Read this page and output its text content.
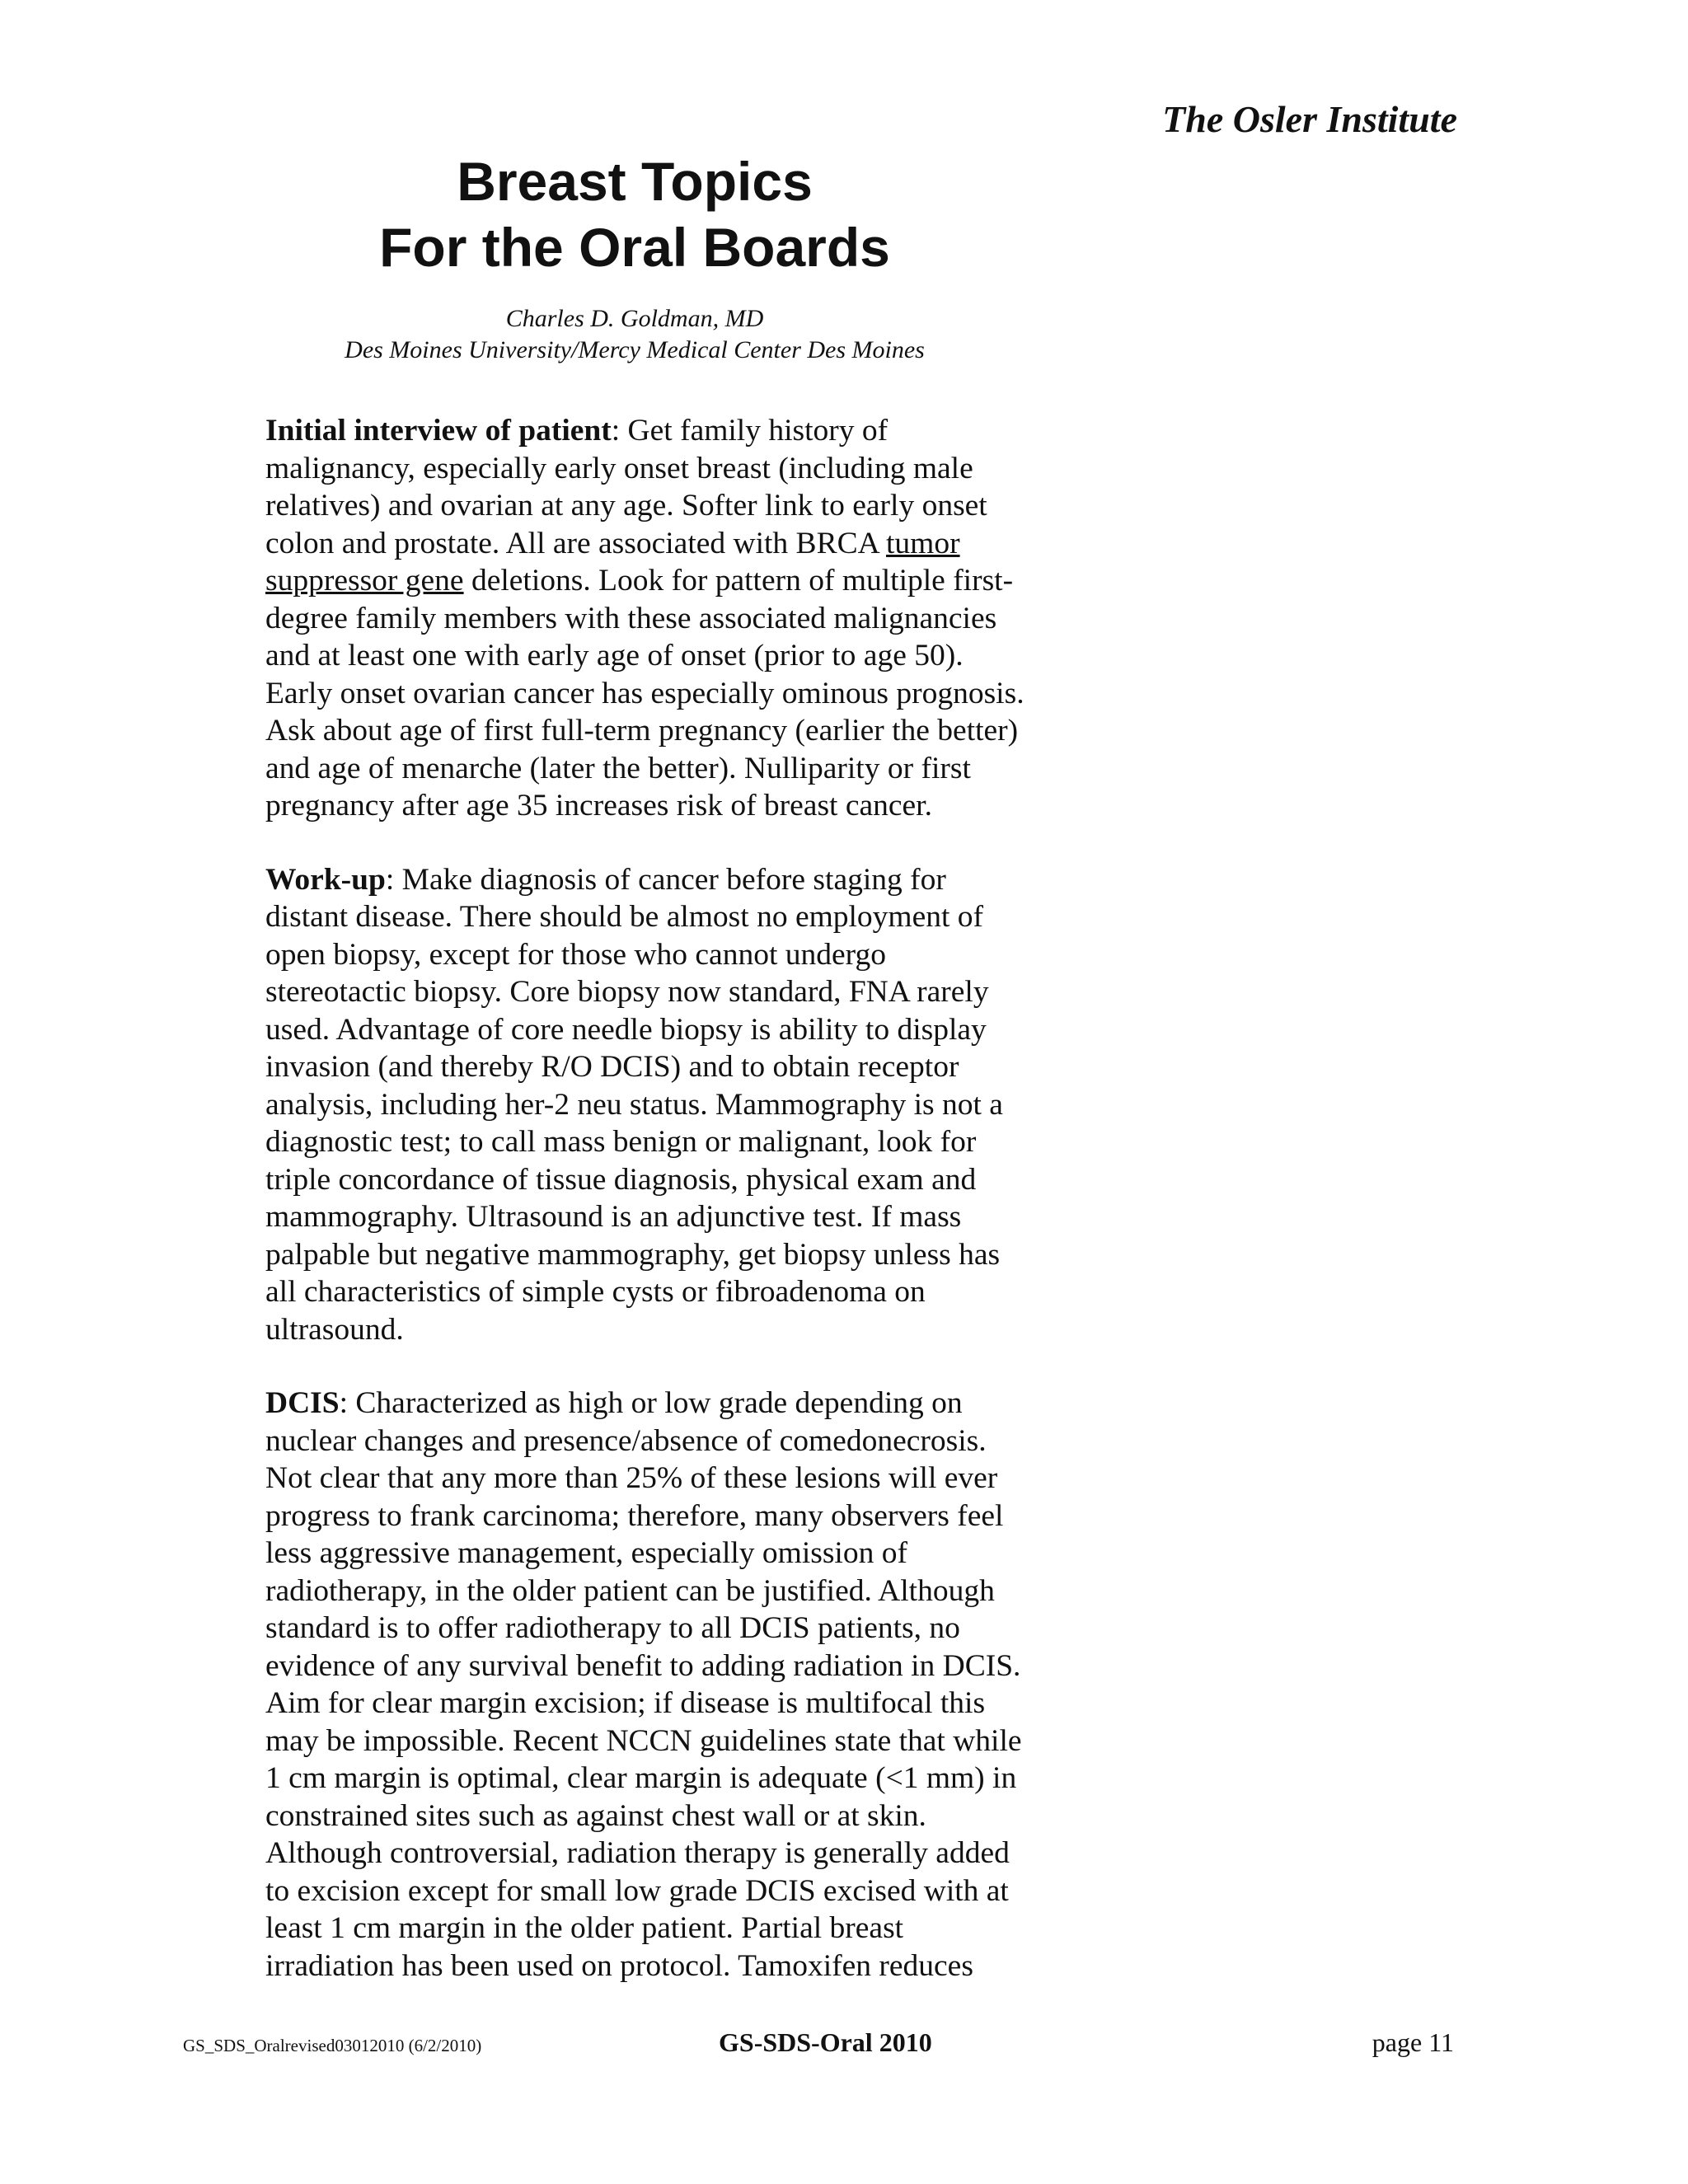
The Osler Institute
Breast Topics
For the Oral Boards
Charles D. Goldman, MD
Des Moines University/Mercy Medical Center Des Moines
Initial interview of patient: Get family history of
malignancy, especially early onset breast (including male
relatives) and ovarian at any age. Softer link to early onset
colon and prostate. All are associated with BRCA tumor
suppressor gene deletions. Look for pattern of multiple first-
degree family members with these associated malignancies
and at least one with early age of onset (prior to age 50).
Early onset ovarian cancer has especially ominous prognosis.
Ask about age of first full-term pregnancy (earlier the better)
and age of menarche (later the better). Nulliparity or first
pregnancy after age 35 increases risk of breast cancer.
Work-up: Make diagnosis of cancer before staging for
distant disease. There should be almost no employment of
open biopsy, except for those who cannot undergo
stereotactic biopsy. Core biopsy now standard, FNA rarely
used. Advantage of core needle biopsy is ability to display
invasion (and thereby R/O DCIS) and to obtain receptor
analysis, including her-2 neu status. Mammography is not a
diagnostic test; to call mass benign or malignant, look for
triple concordance of tissue diagnosis, physical exam and
mammography. Ultrasound is an adjunctive test. If mass
palpable but negative mammography, get biopsy unless has
all characteristics of simple cysts or fibroadenoma on
ultrasound.
DCIS: Characterized as high or low grade depending on
nuclear changes and presence/absence of comedonecrosis.
Not clear that any more than 25% of these lesions will ever
progress to frank carcinoma; therefore, many observers feel
less aggressive management, especially omission of
radiotherapy, in the older patient can be justified. Although
standard is to offer radiotherapy to all DCIS patients, no
evidence of any survival benefit to adding radiation in DCIS.
Aim for clear margin excision; if disease is multifocal this
may be impossible. Recent NCCN guidelines state that while
1 cm margin is optimal, clear margin is adequate (<1 mm) in
constrained sites such as against chest wall or at skin.
Although controversial, radiation therapy is generally added
to excision except for small low grade DCIS excised with at
least 1 cm margin in the older patient. Partial breast
irradiation has been used on protocol. Tamoxifen reduces
GS_SDS_Oralrevised03012010 (6/2/2010)	GS-SDS-Oral 2010	page 11
